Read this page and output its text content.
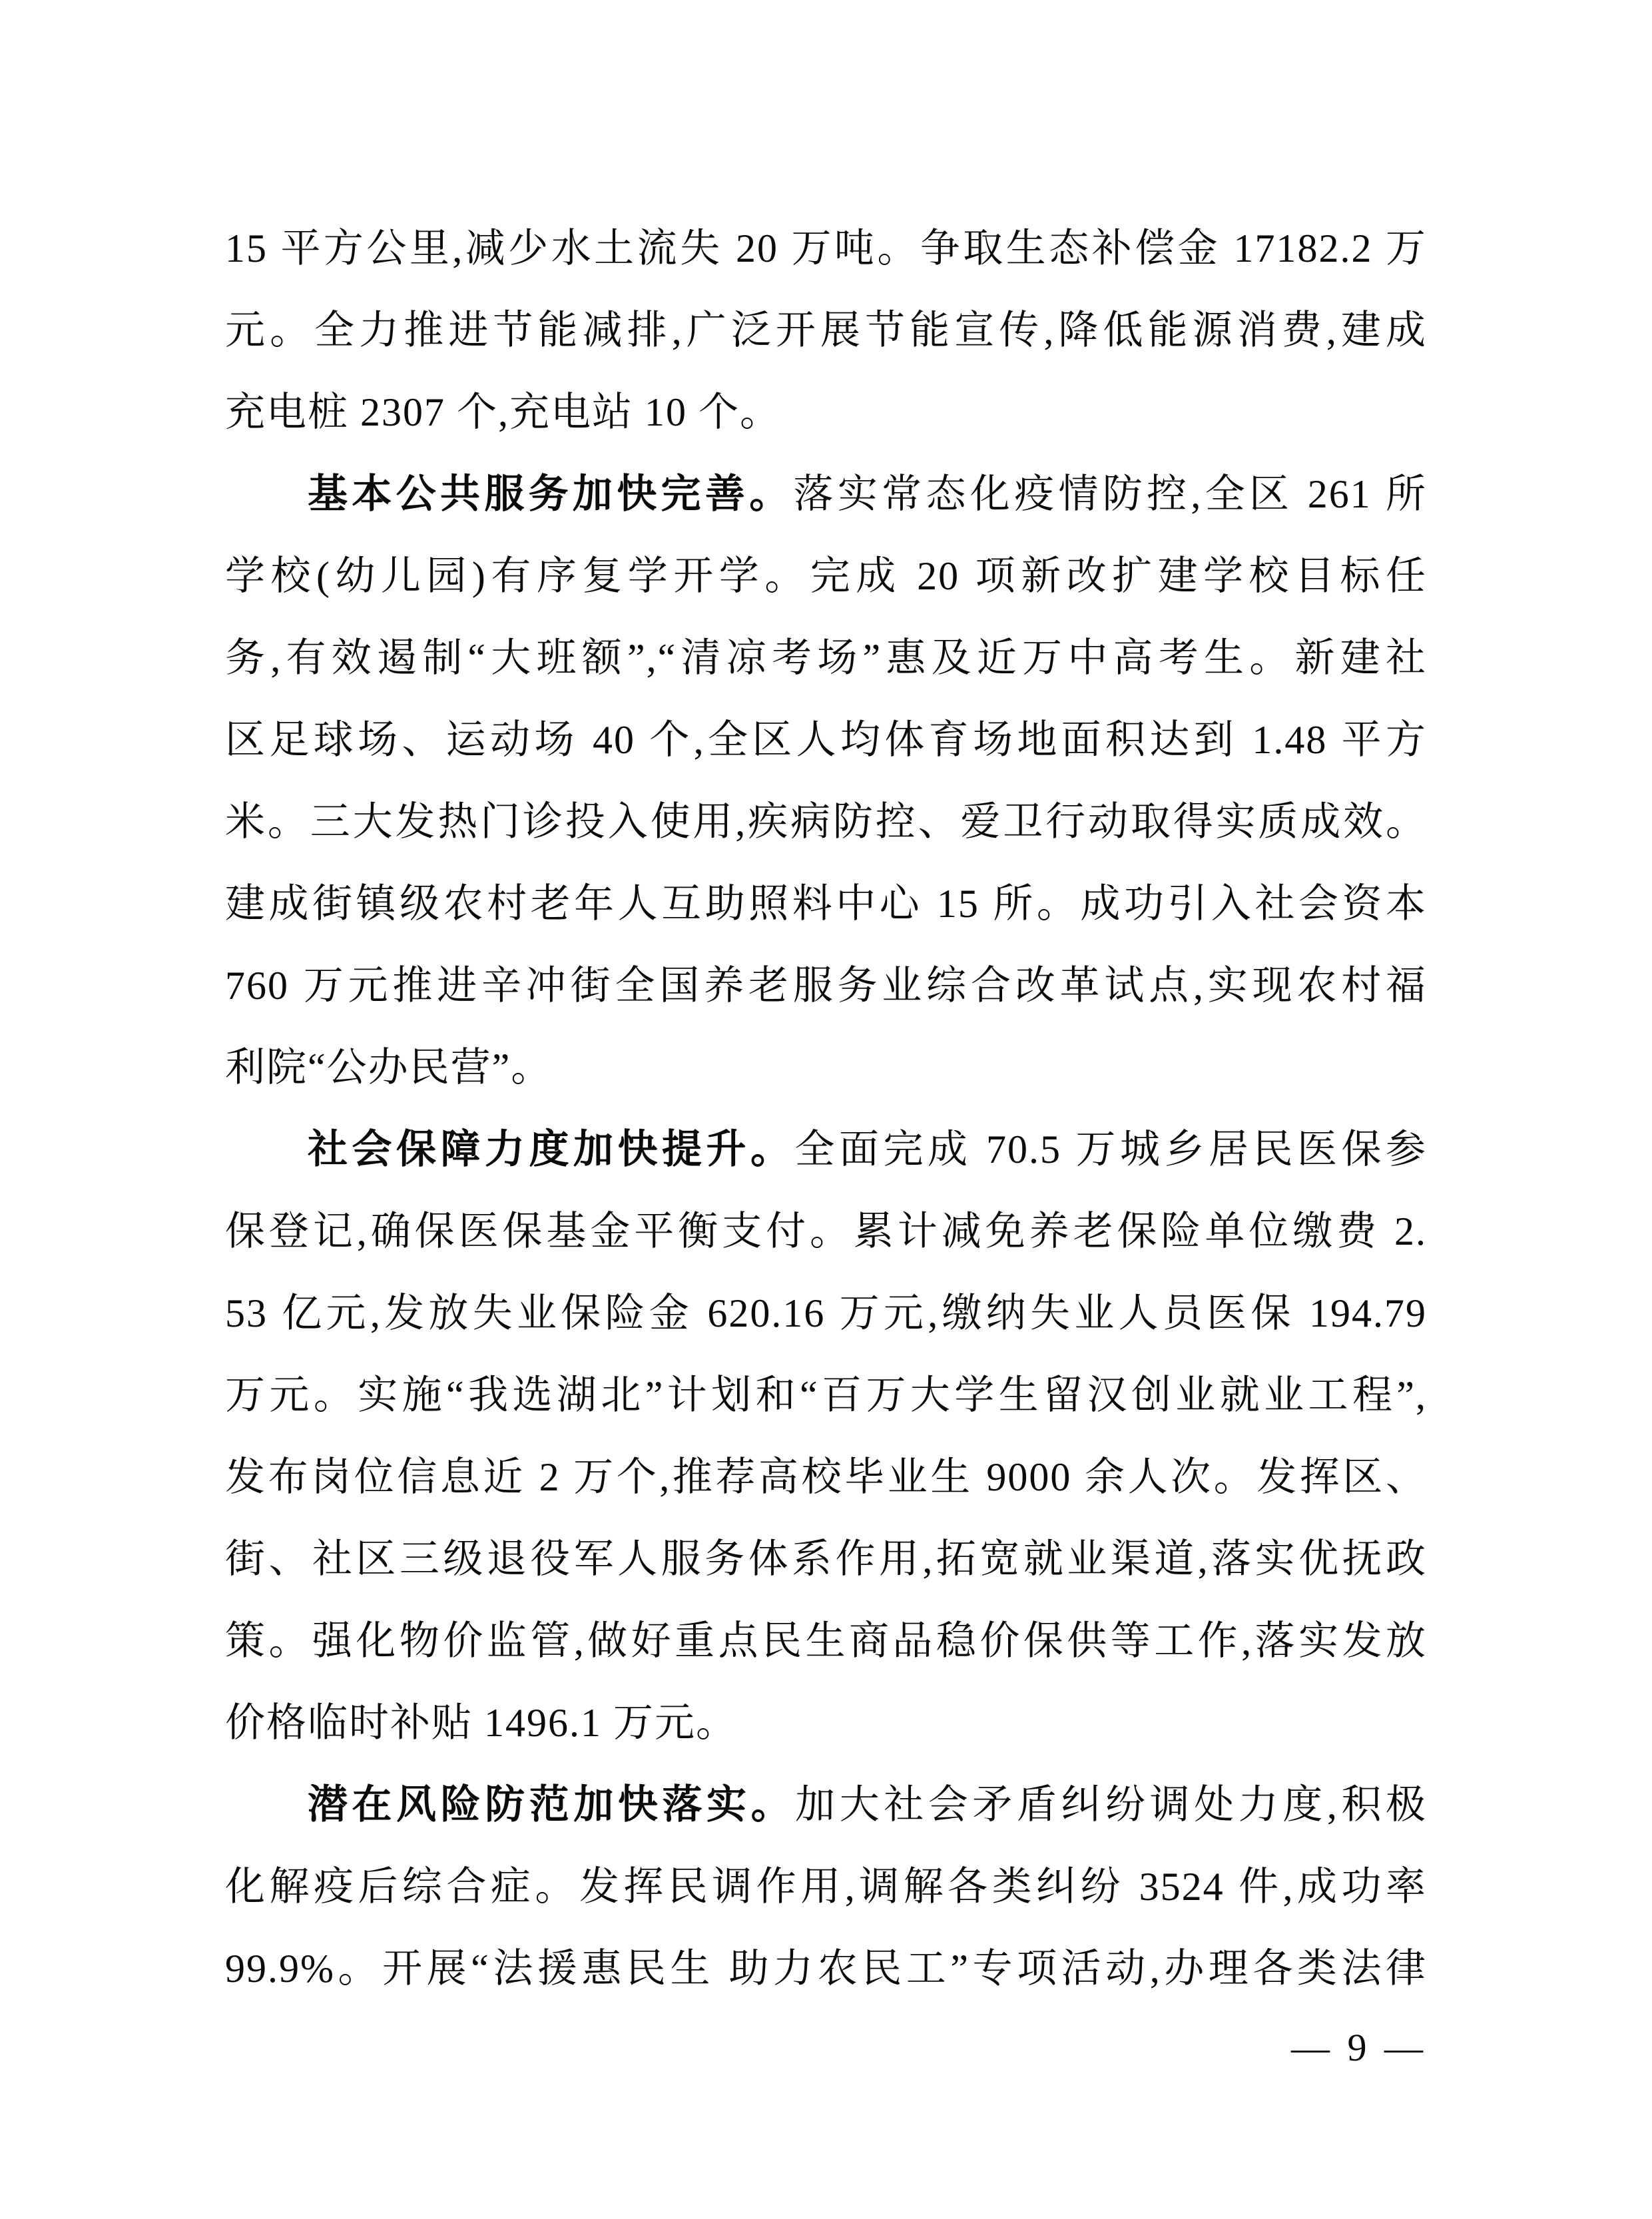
15 平方公里,减少水土流失 20 万吨。争取生态补偿金 17182.2 万
元。全力推进节能减排,广泛开展节能宣传,降低能源消费,建成
充电桩 2307 个,充电站 10 个。
基本公共服务加快完善。落实常态化疫情防控,全区 261 所
学校(幼儿园)有序复学开学。完成 20 项新改扩建学校目标任
务,有效遏制“大班额”,“清凉考场”惠及近万中高考生。新建社
区足球场、运动场 40 个,全区人均体育场地面积达到 1.48 平方
米。三大发热门诊投入使用,疾病防控、爱卫行动取得实质成效。
建成街镇级农村老年人互助照料中心 15 所。成功引入社会资本
760 万元推进辛冲街全国养老服务业综合改革试点,实现农村福
利院“公办民营”。
社会保障力度加快提升。全面完成 70.5 万城乡居民医保参
保登记,确保医保基金平衡支付。累计减免养老保险单位缴费 2.
53 亿元,发放失业保险金 620.16 万元,缴纳失业人员医保 194.79
万元。实施“我选湖北”计划和“百万大学生留汉创业就业工程”,
发布岗位信息近 2 万个,推荐高校毕业生 9000 余人次。发挥区、
街、社区三级退役军人服务体系作用,拓宽就业渠道,落实优抚政
策。强化物价监管,做好重点民生商品稳价保供等工作,落实发放
价格临时补贴 1496.1 万元。
潜在风险防范加快落实。加大社会矛盾纠纷调处力度,积极
化解疫后综合症。发挥民调作用,调解各类纠纷 3524 件,成功率
99.9%。开展“法援惠民生 助力农民工”专项活动,办理各类法律
— 9 —
